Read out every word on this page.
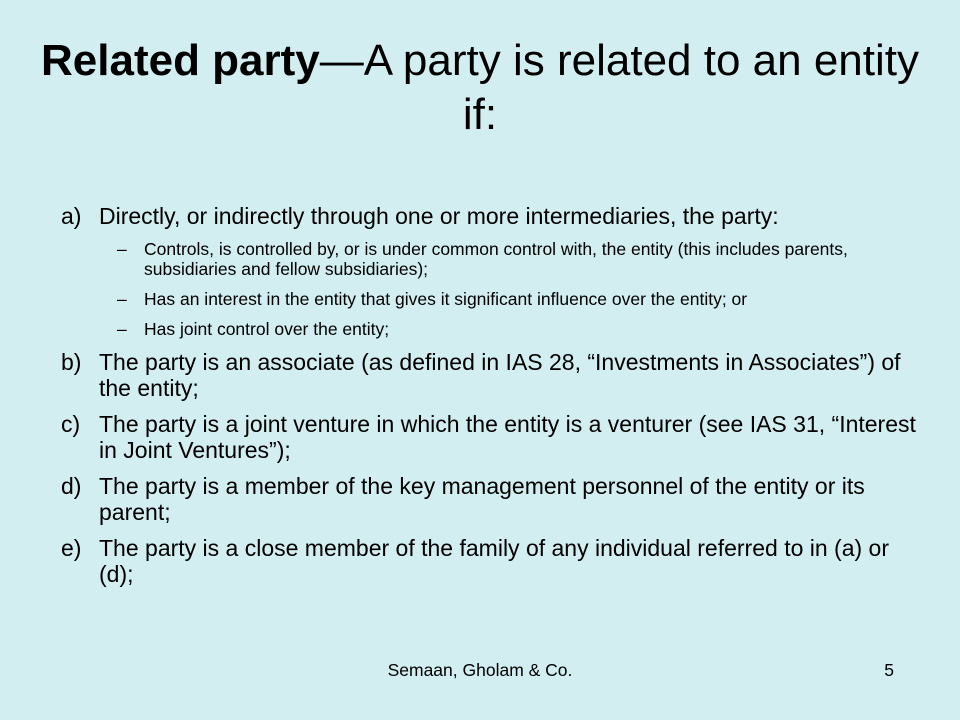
Related party—A party is related to an entity if:
a) Directly, or indirectly through one or more intermediaries, the party:
– Controls, is controlled by, or is under common control with, the entity (this includes parents, subsidiaries and fellow subsidiaries);
– Has an interest in the entity that gives it significant influence over the entity; or
– Has joint control over the entity;
b) The party is an associate (as defined in IAS 28, “Investments in Associates”) of the entity;
c) The party is a joint venture in which the entity is a venturer (see IAS 31, “Interest in Joint Ventures”);
d) The party is a member of the key management personnel of the entity or its parent;
e) The party is a close member of the family of any individual referred to in (a) or (d);
Semaan, Gholam & Co.	5
